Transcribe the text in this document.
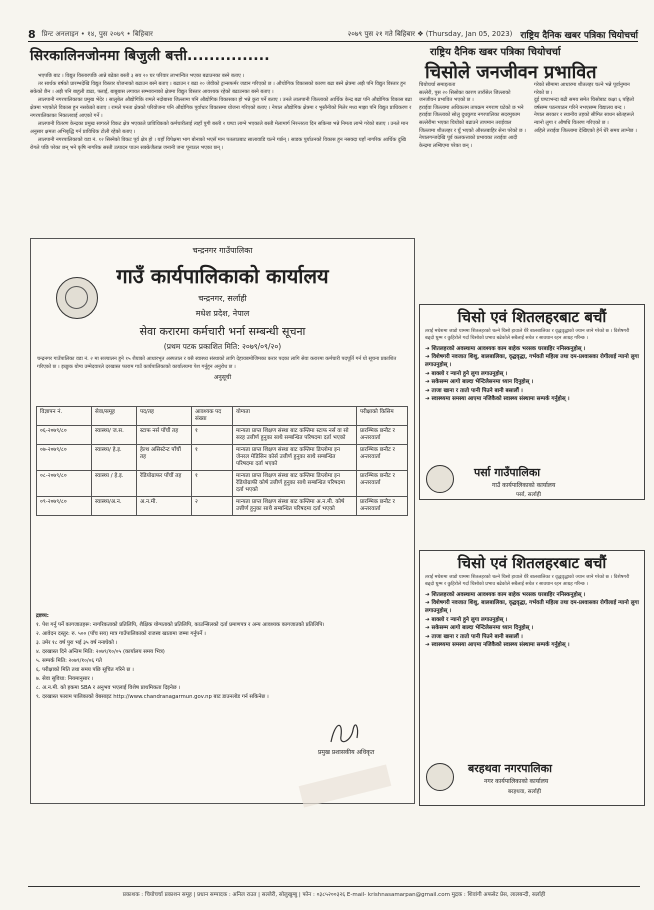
8 प्रिन्ट अनलाइन • १४, पुस २०७९ • बिहिबार	२०७९ पुस २१ गते बिहिबार ❖ (Thursday, Jan 05, 2023) राष्ट्रिय दैनिक खबर पत्रिका चियोचर्चा
सिरकालिनजोनमा बिजुली बत्ती...............

भएपछि बाट । विद्युत विस्तारपछि आन्ने बढेका बस्ती ३ सय २० घर परिवार लाभान्वित भएका बढाउनका बस्ने बताए ।

तर सार्थक बर्षको प्रारम्भदेखि विद्युत विस्तार योजनाको बढाउन बस्ने बताए । बढाउन र बढा २० जेवीको ट्रान्सफर्मर जडान गरिएको छ । औचोगिक विकासको कारण बढा बस्ने क्षेत्रमा अझै पनि विद्युत विस्तार हुन सकेको छैन । अझै पनि बाहुली डाढा, फ्लाईं, बाबुबास लगायत सम्भावनाको क्षेत्रमा विद्युत विस्तार आवश्यक रहेको बढाउनका बस्ने बताए ।

लालपानी नगरपालिकाका प्रमुख भेदेर । सालुबेल औद्योगिकि रामले नदोबासा जिल्लामा पनि औद्योगिक विकासका हो भन्ने कुरा पर्ने बताए । उनले लालपानी जिल्लाको आर्थिक केन्द्र बढा पनि औद्योगिक विकास बढा क्षेत्रमा भएकोले विकास हुन नसकेको बताए । रामले पनता क्षेत्रको परियोजना पनि औद्योगिक पूर्वाधार विकासमा योजना गरिएको बताए । नेपाल औद्योगिक क्षेत्रमा र भुस्तैनीको मिलेर मध्य माझा पनि विद्युत प्राधिकरण र नगरपालिकाका निकालवाई आएको गर्ने ।

लालपानी वितरण केन्द्रका प्रमुख सागरले विकट क्षेत्र भएकाले प्राविधिकको कर्मचारीलाई त्यहाँ पुगी बस्ती २ घण्टा लाग्ने भएकाले बस्ती मेलामार्ग निरन्तरता दिन सकिन्छ भन्ने निमता लाग्ने गरेको बताए । उनले मान अनुसार क्षमता अभिबृद्धि गर्न प्राविधिक टोली रहेको बताए ।

लालपानी नगरपालिकाको वडा नं. १२ सिस्नेको विकट पूर्व क्षेत्र हो । यहाँ विपेक्षमा भाग बोनाको भएसँ मान पतलाउबाट सालावाडि चल्ने गर्छन् । साडक पुर्याउनको विकास हुन नसक्दा यहाँ नागरिक आर्थिक दुखि रोगले पछि परेका छन् भने कृषि नागरिक सस्ती उत्पादन पाउन सक्केजैलान्न जनानी जना पूनाउल भएका छन् ।

राष्ट्रिय दैनिक खबर पत्रिका चियोचर्चा
चिसोले जनजीवन प्रभावित
चियोचर्चा समाद्दताता
सल्लेरी, पुस २० सिसोका कारण ताराँसेल जिल्लाको जनजीवन प्रभावित भएको छ ।
हराईवा जिल्लामा अधिकतम तापक्रम नगराण घटेको छ भने हराईवा जिल्लाको सोलु दुधकुण्ड नगरपालिका सदरमुकाम सल्लेरीमा भएका चियोको बढाउने तापमान तराईवाल जिल्लामा शीतलहर र घुँ भएको औसतबाहिर सेना परेको छ ।
नेपालगन्जदेखि पूर्व कलकत्ताको प्रभावका तराईवा आदी केन्द्रमा लम्बिएमा परेका छन् ।
गरेको सीमामा आधारमा शीतलहर चल्ने भन्ने पूर्वानुमान गरेको छ ।
दुई घण्टाभन्दा बढी समय समेत चिसोबाट कक्षा ६ पहिलो वर्षसम्म पठनपाठन गरिने नभएसम्म विद्यालय बन्द ।
नेपाल सरकार र स्थानीय तहको सीमित साधन स्रोतहरूले न्यानो लुगा र औषधि वितरण गरिएको छ ।
अहिले तराईवा जिल्लामा देखिएको हेर्न धेरै समय लाग्नेछ ।
चन्द्रनगर गाउँपालिका
गाउँ कार्यपालिकाको कार्यालय
चन्द्रनगर, सर्लाही
मधेश प्रदेश, नेपाल
सेवा करारमा कर्मचारी भर्ना सम्बन्धी सूचना
(प्रथम पटक प्रकाशित मिति: २०७९/०९/२०)
चन्द्रनगर गाउँपालिका वडा नं. २ मा सञ्चालन हुने १५ शैयाको आधारभूत अस्पताल र यसै स्वास्थ्य संस्थाको लागि देहायबमोजिमका करार पदका लागि सेवा करारमा कर्मचारी पदपूर्ति गर्न यो सूचना प्रकाशित गरिएको छ । इच्छुक योग्य उम्मेदवारले दरखास्त फाराम गाउँ कार्यपालिकाको कार्यालयमा पेश गर्नुहुन अनुरोध छ ।
अनुसूची
विज्ञापन नं.	सेवा/समूह	पद/तह	आवश्यक पद संख्या	योग्यता	परीक्षाको किसिम
०६-२०७९/८०	स्वास्थ्य/ ज.स.	स्टाफ नर्स पाँचौं तह	१	मान्यता प्राप्त शिक्षण संस्था बाट कम्तिमा स्टाफ नर्स वा सो सरह उत्तीर्ण हुनुका साथै सम्बन्धित परिषदमा दर्ता भएको	प्रारम्भिक छनौट र अन्तरवार्ता
०७-२०७९/८०	स्वास्थ्य/ हे.इ.	हेल्थ असिस्टेन्ट पाँचौं तह	१	मान्यता प्राप्त शिक्षण संस्था बाट कम्तिमा डिप्लोमा इन जेनरल मेडिसिन कोर्स उत्तीर्ण हुनुका साथै सम्बन्धित परिषदमा दर्ता भएको	प्रारम्भिक छनौट र अन्तरवार्ता
०८-२०७९/८०	स्वास्थ्य / हे.इ.	रेडियोग्राफर पाँचौं तह	१	मान्यता प्राप्त शिक्षण संस्था बाट कम्तिमा डिप्लोमा इन रेडियोग्राफी कोर्ष उत्तीर्ण हुनुका साथै सम्बन्धित परिषदमा दर्ता भएको	प्रारम्भिक छनौट र अन्तरवार्ता
०९-२०७९/८०	स्वास्थ्य/अ.न.	अ.न.मी.	२	मान्यता प्राप्त शिक्षण संस्था बाट कम्तिमा अ.न.मी. कोर्ष उत्तीर्ण हुनुका साथै सम्बन्धित परिषदमा दर्ता भएको	प्रारम्भिक छनौट र अन्तरवार्ता
द्रष्टव्य:
१. पेश गर्नु पर्ने कागजातहरू: नागरिकताको प्रतिलिपि, शैक्षिक योग्यताको प्रतिलिपि, काउन्सिलको दर्ता प्रमाणपत्र र अन्य आवश्यक कागजातको प्रतिलिपि।
२. आवेदन दस्तुर: रु. ५०० (पाँच सय) मात्र गाउँपालिकाको राजस्व खातामा जम्मा गर्नुपर्ने ।
३. उमेर १८ वर्ष पुरा भई ३५ वर्ष ननाघेको ।
४. दरखास्त दिने अन्तिम मिति: २०७९/१०/०५ (कार्यालय समय भित्र)
५. सम्पर्क मिति: २०७९/१०/०६ गते
६. परीक्षाको मिति तथा समय पछि सूचित गरिने छ ।
७. सेवा सुविधा: नियमानुसार ।
८. अ.न.मी. को हकमा SBA र अनुभव भएलाई विशेष प्राथमिकता दिइनेछ ।
९. दरखास्त फाराम पालिकाको वेबसाइट http://www.chandranagarmun.gov.np बाट डाउनलोड गर्न सकिनेछ ।
प्रमुख प्रशासकीय अधिकृत
चिसो एवं शितलहरबाट बचौं
तराई मधेशमा जाडो याममा शितलहरको चल्ने चिसो हावाले धेरै बालबालिका र वृद्धवृद्धाको ज्यान जाने गरेको छ । विशेषगरी बढ्दो धुम्म र कुहिरोले गर्दा चिसोको प्रभाव बढेकोले सबैलाई सचेत र सावधान रहन आग्रह गरिन्छ ।
➜ शितलहरको अवस्थामा आवश्यक काम बाहेक भरसक घरबाहिर ननिस्कनुहोस् ।
➜ विशेषगरी नवजात शिशु, बालबालिका, वृद्धवृद्धा, गर्भवती महिला तथा दम-प्रश्वासका रोगीलाई न्यानो लुगा लगाउनुहोस् ।
➜ बाक्लो र न्यानो हुने लुगा लगाउनुहोस् ।
➜ सकेसम्म आगो बाल्दा भेन्टिलेसनमा ध्यान दिनुहोस् ।
➜ ताजा खाना र तातो पानी पिउने बानी बसालौं ।
➜ स्वास्थ्यमा समस्या आएमा नजिकैको स्वास्थ्य संस्थामा सम्पर्क गर्नुहोस् ।
पर्सा गाउँपालिका
गाउँ कार्यपालिकाको कार्यालय
पर्सा, सर्लाही
चिसो एवं शितलहरबाट बचौं
तराई मधेशमा जाडो याममा शितलहरको चल्ने चिसो हावाले धेरै बालबालिका र वृद्धवृद्धाको ज्यान जाने गरेको छ । विशेषगरी बढ्दो धुम्म र कुहिरोले गर्दा चिसोको प्रभाव बढेकोले सबैलाई सचेत र सावधान रहन आग्रह गरिन्छ ।
➜ शितलहरको अवस्थामा आवश्यक काम बाहेक भरसक घरबाहिर ननिस्कनुहोस् ।
➜ विशेषगरी नवजात शिशु, बालबालिका, वृद्धवृद्धा, गर्भवती महिला तथा दम-प्रश्वासका रोगीलाई न्यानो लुगा लगाउनुहोस् ।
➜ बाक्लो र न्यानो हुने लुगा लगाउनुहोस् ।
➜ सकेसम्म आगो बाल्दा भेन्टिलेसनमा ध्यान दिनुहोस् ।
➜ ताजा खाना र तातो पानी पिउने बानी बसालौं ।
➜ स्वास्थ्यमा समस्या आएमा नजिकैको स्वास्थ्य संस्थामा सम्पर्क गर्नुहोस् ।
बरहथवा नगरपालिका
नगर कार्यपालिकाको कार्यालय
बरहथवा, सर्लाही
प्रकाशक : चियोचर्चा प्रकाशन समूह | प्रधान सम्पादक : अनिल राउत | सल्लेरी, सोलुखुम्बु | फोन : ०३८५२००३२६ E-mail- krishnasamarpan@gmail.com मुद्रक : शिवांगी अफसेट प्रेस, लालबन्दी, सर्लाही
